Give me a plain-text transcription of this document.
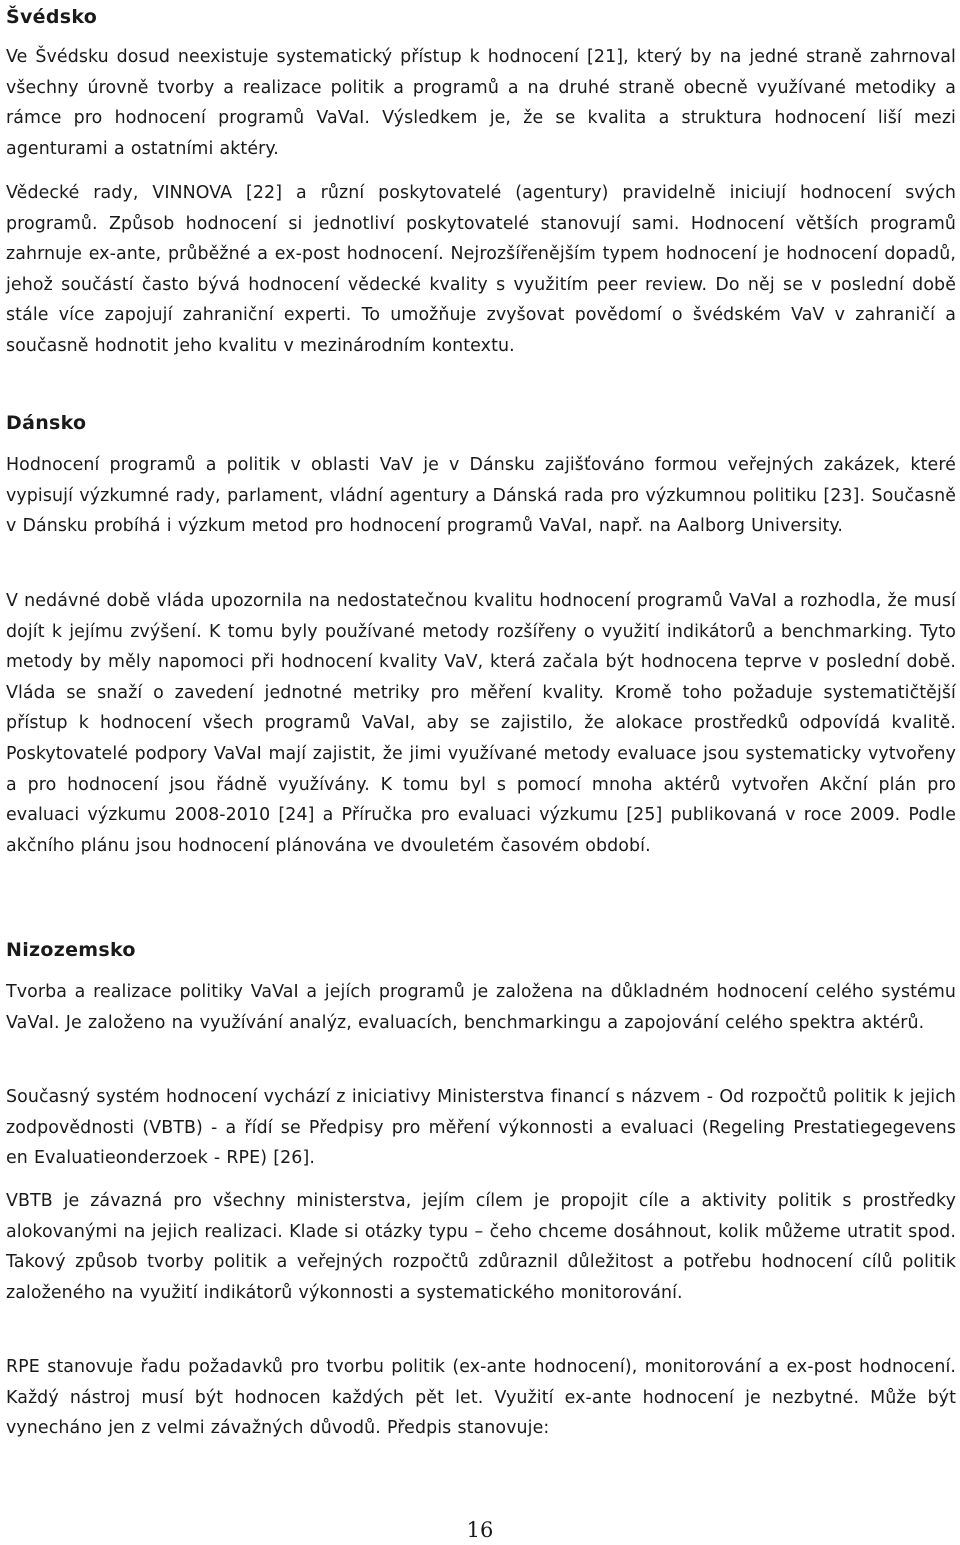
Švédsko

Ve Švédsku dosud neexistuje systematický přístup k hodnocení [21], který by na jedné straně zahrnoval všechny úrovně tvorby a realizace politik a programů a na druhé straně obecně využívané metodiky a rámce pro hodnocení programů VaVaI. Výsledkem je, že se kvalita a struktura hodnocení liší mezi agenturami a ostatními aktéry.

Vědecké rady, VINNOVA [22] a různí poskytovatelé (agentury) pravidelně iniciují hodnocení svých programů. Způsob hodnocení si jednotliví poskytovatelé stanovují sami. Hodnocení větších programů zahrnuje ex-ante, průběžné a ex-post hodnocení. Nejrozšířenějším typem hodnocení je hodnocení dopadů, jehož součástí často bývá hodnocení vědecké kvality s využitím peer review. Do něj se v poslední době stále více zapojují zahraniční experti. To umožňuje zvyšovat povědomí o švédském VaV v zahraničí a současně hodnotit jeho kvalitu v mezinárodním kontextu.

Dánsko

Hodnocení programů a politik v oblasti VaV je v Dánsku zajišťováno formou veřejných zakázek, které vypisují výzkumné rady, parlament, vládní agentury a Dánská rada pro výzkumnou politiku [23]. Současně v Dánsku probíhá i výzkum metod pro hodnocení programů VaVaI, např. na Aalborg University.

V nedávné době vláda upozornila na nedostatečnou kvalitu hodnocení programů VaVaI a rozhodla, že musí dojít k jejímu zvýšení. K tomu byly používané metody rozšířeny o využití indikátorů a benchmarking. Tyto metody by měly napomoci při hodnocení kvality VaV, která začala být hodnocena teprve v poslední době. Vláda se snaží o zavedení jednotné metriky pro měření kvality. Kromě toho požaduje systematičtější přístup k hodnocení všech programů VaVaI, aby se zajistilo, že alokace prostředků odpovídá kvalitě. Poskytovatelé podpory VaVaI mají zajistit, že jimi využívané metody evaluace jsou systematicky vytvořeny a pro hodnocení jsou řádně využívány. K tomu byl s pomocí mnoha aktérů vytvořen Akční plán pro evaluaci výzkumu 2008-2010 [24] a Příručka pro evaluaci výzkumu [25] publikovaná v roce 2009. Podle akčního plánu jsou hodnocení plánována ve dvouletém časovém období.

Nizozemsko

Tvorba a realizace politiky VaVaI a jejích programů je založena na důkladném hodnocení celého systému VaVaI. Je založeno na využívání analýz, evaluacích, benchmarkingu a zapojování celého spektra aktérů.

Současný systém hodnocení vychází z iniciativy Ministerstva financí s názvem - Od rozpočtů politik k jejich zodpovědnosti (VBTB) - a řídí se Předpisy pro měření výkonnosti a evaluaci (Regeling Prestatiegegevens en Evaluatieonderzoek - RPE) [26].

VBTB je závazná pro všechny ministerstva, jejím cílem je propojit cíle a aktivity politik s prostředky alokovanými na jejich realizaci. Klade si otázky typu – čeho chceme dosáhnout, kolik můžeme utratit spod. Takový způsob tvorby politik a veřejných rozpočtů zdůraznil důležitost a potřebu hodnocení cílů politik založeného na využití indikátorů výkonnosti a systematického monitorování.

RPE stanovuje řadu požadavků pro tvorbu politik (ex-ante hodnocení), monitorování a ex-post hodnocení. Každý nástroj musí být hodnocen každých pět let. Využití ex-ante hodnocení je nezbytné. Může být vynecháno jen z velmi závažných důvodů. Předpis stanovuje:

16
